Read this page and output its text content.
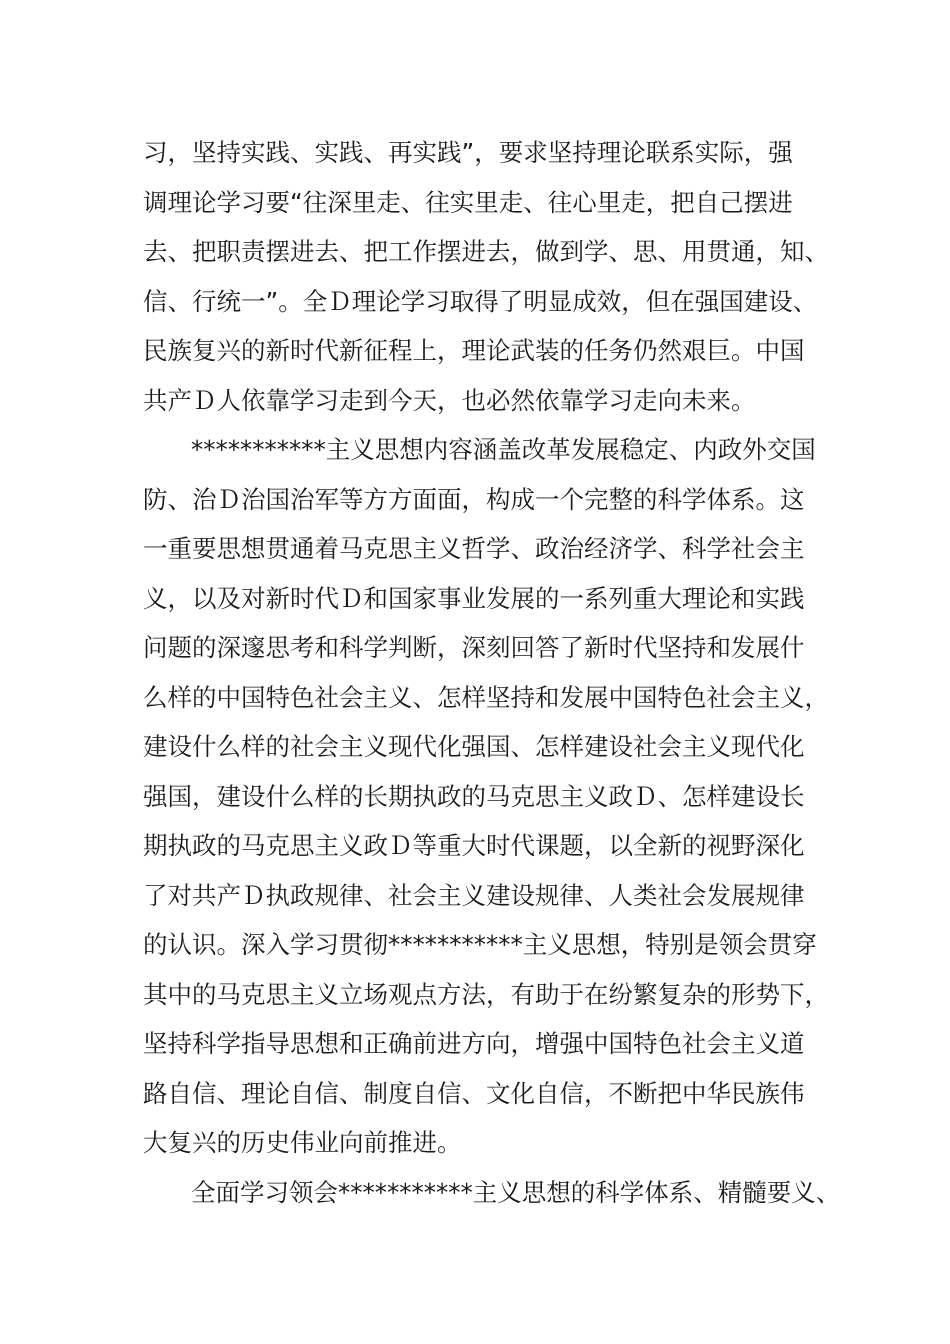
习，坚持实践、实践、再实践”，要求坚持理论联系实际，强
调理论学习要“往深里走、往实里走、往心里走，把自己摆进
去、把职责摆进去、把工作摆进去，做到学、思、用贯通，知、
信、行统一”。全Ｄ理论学习取得了明显成效，但在强国建设、
民族复兴的新时代新征程上，理论武装的任务仍然艰巨。中国
共产Ｄ人依靠学习走到今天，也必然依靠学习走向未来。
***********主义思想内容涵盖改革发展稳定、内政外交国
防、治Ｄ治国治军等方方面面，构成一个完整的科学体系。这
一重要思想贯通着马克思主义哲学、政治经济学、科学社会主
义，以及对新时代Ｄ和国家事业发展的一系列重大理论和实践
问题的深邃思考和科学判断，深刻回答了新时代坚持和发展什
么样的中国特色社会主义、怎样坚持和发展中国特色社会主义，
建设什么样的社会主义现代化强国、怎样建设社会主义现代化
强国，建设什么样的长期执政的马克思主义政Ｄ、怎样建设长
期执政的马克思主义政Ｄ等重大时代课题，以全新的视野深化
了对共产Ｄ执政规律、社会主义建设规律、人类社会发展规律
的认识。深入学习贯彻***********主义思想，特别是领会贯穿
其中的马克思主义立场观点方法，有助于在纷繁复杂的形势下，
坚持科学指导思想和正确前进方向，增强中国特色社会主义道
路自信、理论自信、制度自信、文化自信，不断把中华民族伟
大复兴的历史伟业向前推进。
全面学习领会***********主义思想的科学体系、精髓要义、
